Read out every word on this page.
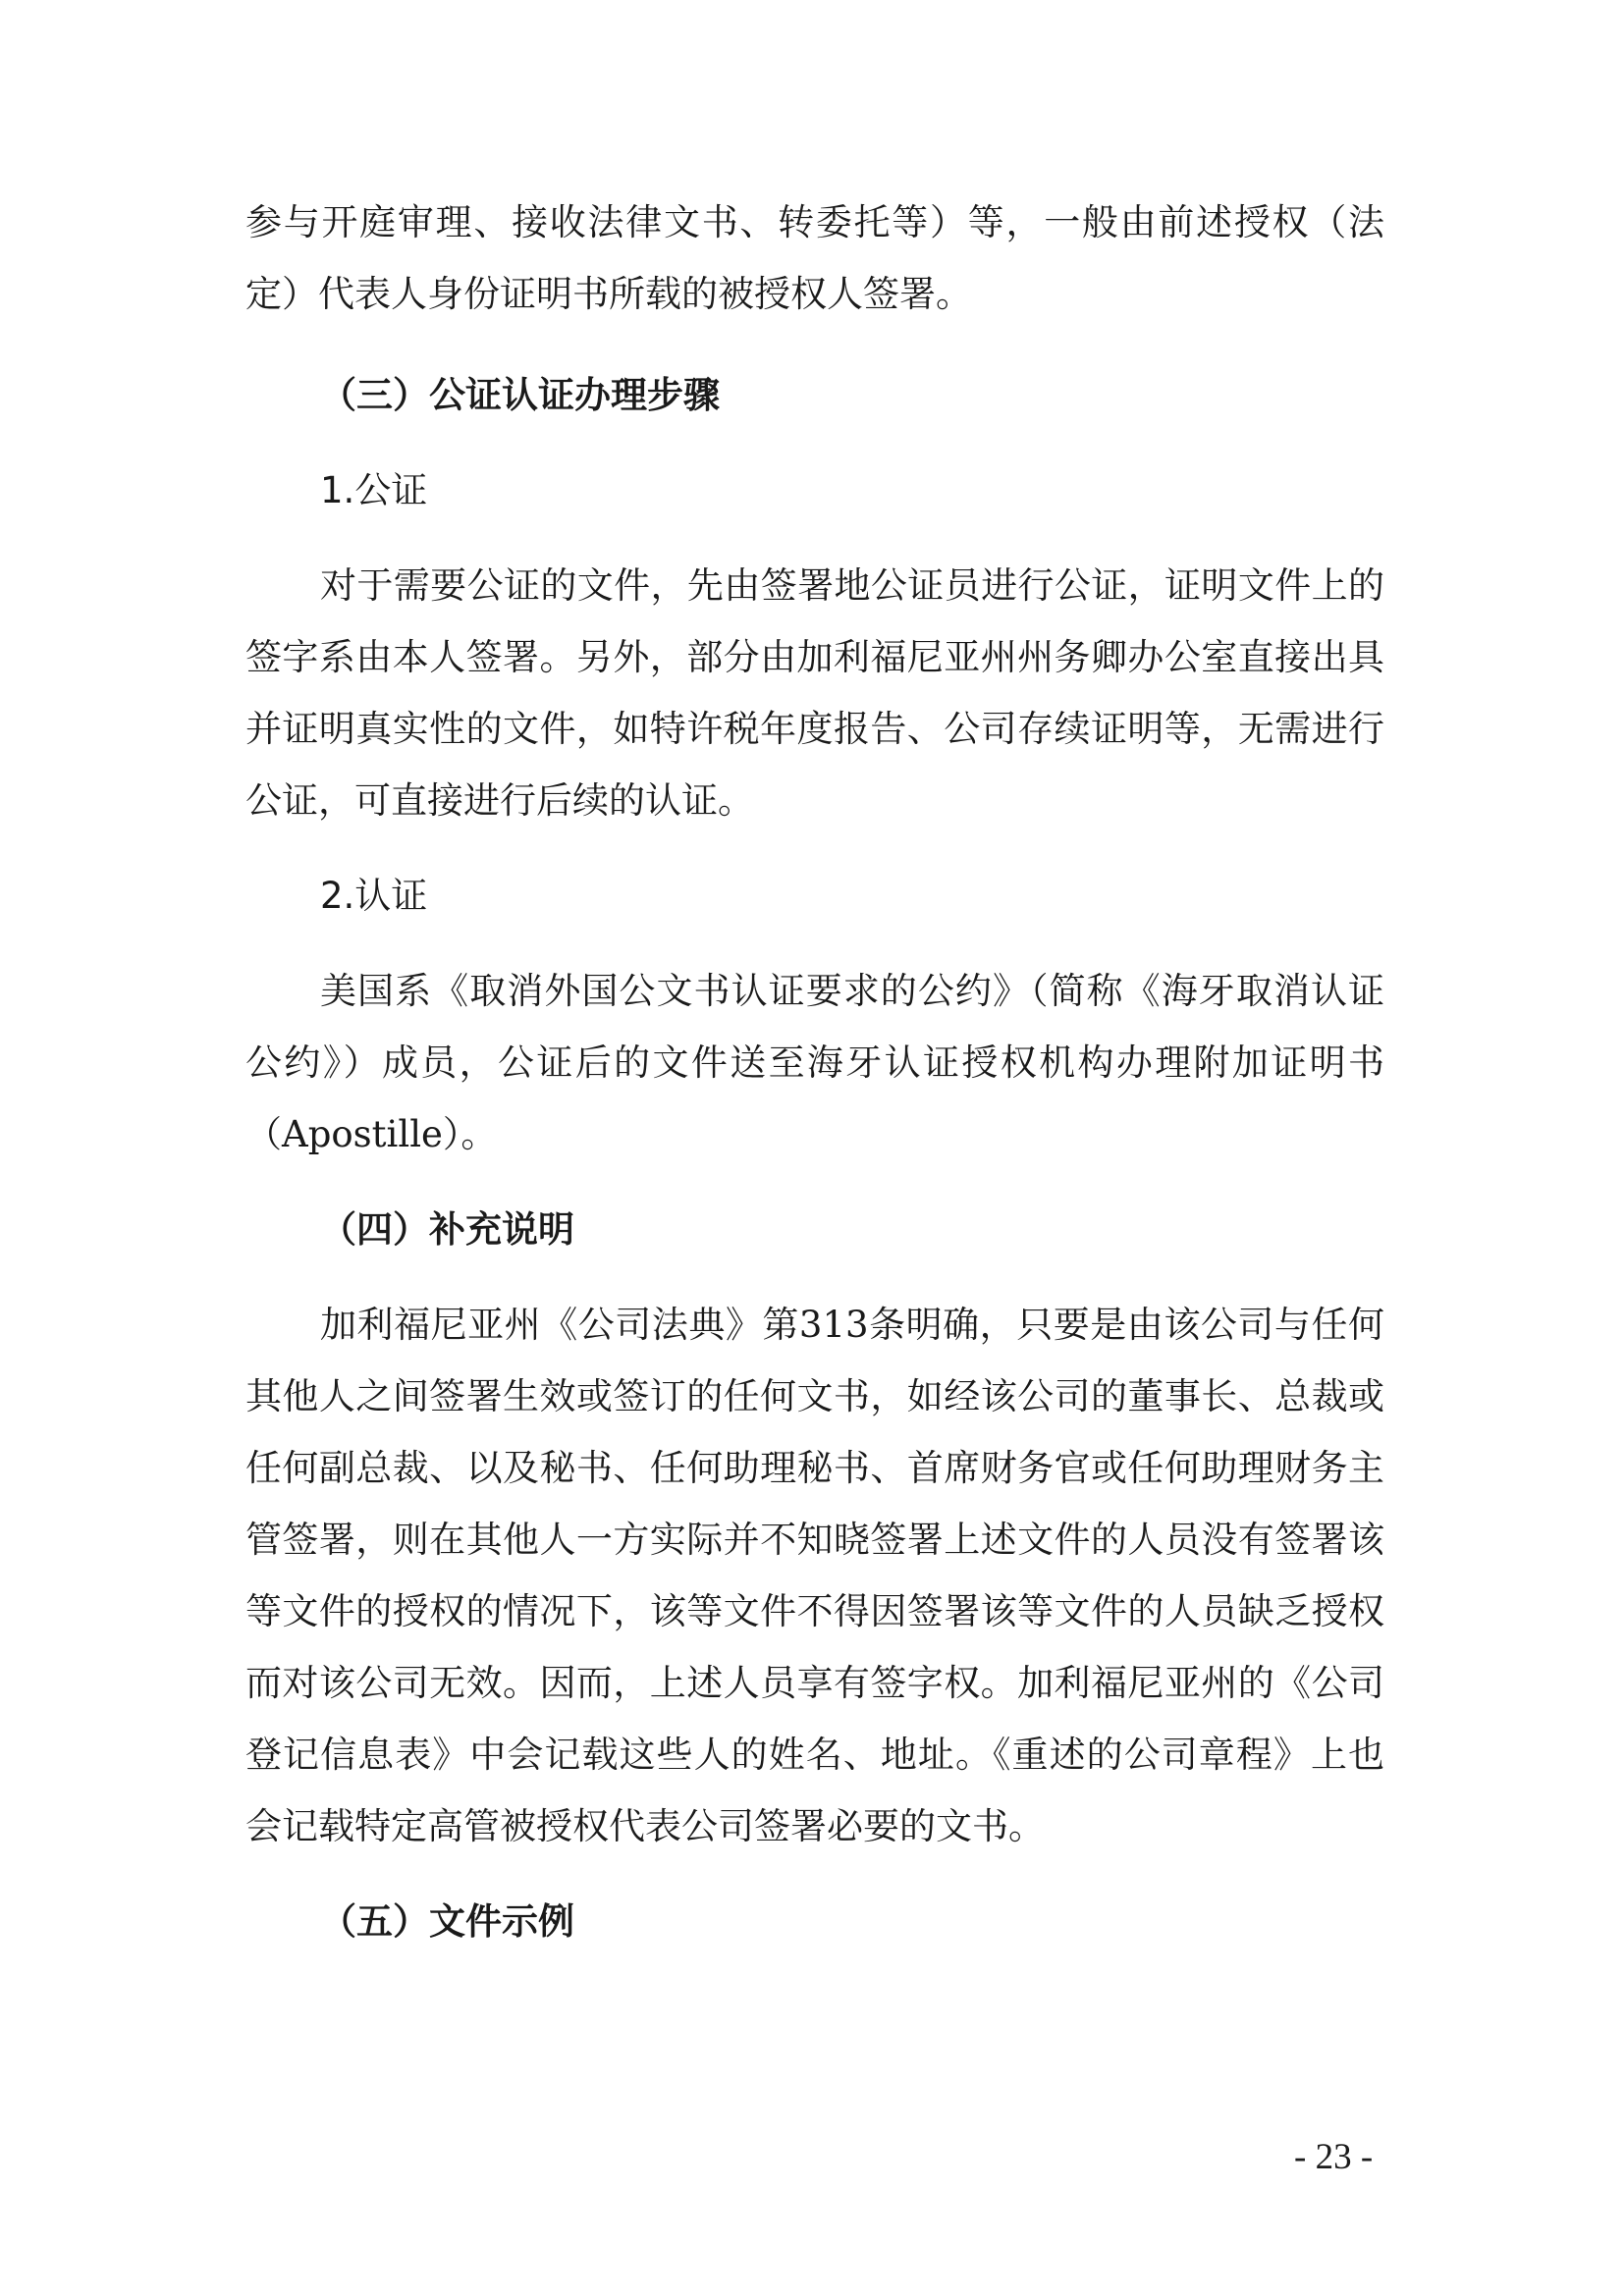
参与开庭审理、接收法律文书、转委托等）等，一般由前述授权（法定）代表人身份证明书所载的被授权人签署。

（三）公证认证办理步骤

1.公证

对于需要公证的文件，先由签署地公证员进行公证，证明文件上的签字系由本人签署。另外，部分由加利福尼亚州州务卿办公室直接出具并证明真实性的文件，如特许税年度报告、公司存续证明等，无需进行公证，可直接进行后续的认证。

2.认证

美国系《取消外国公文书认证要求的公约》（简称《海牙取消认证公约》）成员，公证后的文件送至海牙认证授权机构办理附加证明书（Apostille）。

（四）补充说明

加利福尼亚州《公司法典》第313条明确，只要是由该公司与任何其他人之间签署生效或签订的任何文书，如经该公司的董事长、总裁或任何副总裁、以及秘书、任何助理秘书、首席财务官或任何助理财务主管签署，则在其他人一方实际并不知晓签署上述文件的人员没有签署该等文件的授权的情况下，该等文件不得因签署该等文件的人员缺乏授权而对该公司无效。因而，上述人员享有签字权。加利福尼亚州的《公司登记信息表》中会记载这些人的姓名、地址。《重述的公司章程》上也会记载特定高管被授权代表公司签署必要的文书。

（五）文件示例

- 23 -
